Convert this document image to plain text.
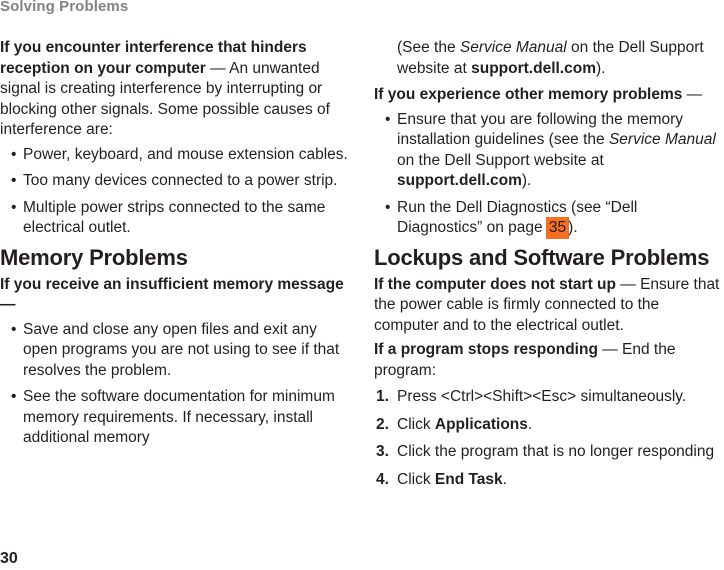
Solving Problems

If you encounter interference that hinders reception on your computer — An unwanted signal is creating interference by interrupting or blocking other signals. Some possible causes of interference are:

• Power, keyboard, and mouse extension cables.
• Too many devices connected to a power strip.
• Multiple power strips connected to the same electrical outlet.
Memory Problems

If you receive an insufficient memory message—

• Save and close any open files and exit any open programs you are not using to see if that resolves the problem.
• See the software documentation for minimum memory requirements. If necessary, install additional memory

(See the Service Manual on the Dell Support website at support.dell.com).

If you experience other memory problems —

• Ensure that you are following the memory installation guidelines (see the Service Manual on the Dell Support website at support.dell.com).
• Run the Dell Diagnostics (see “Dell Diagnostics” on page 35 ).
Lockups and Software Problems

If the computer does not start up — Ensure that the power cable is firmly connected to the computer and to the electrical outlet.

If a program stops responding — End the program:

1. Press <Ctrl><Shift><Esc> simultaneously.
2. Click Applications.
3. Click the program that is no longer responding
4. Click End Task.
30
